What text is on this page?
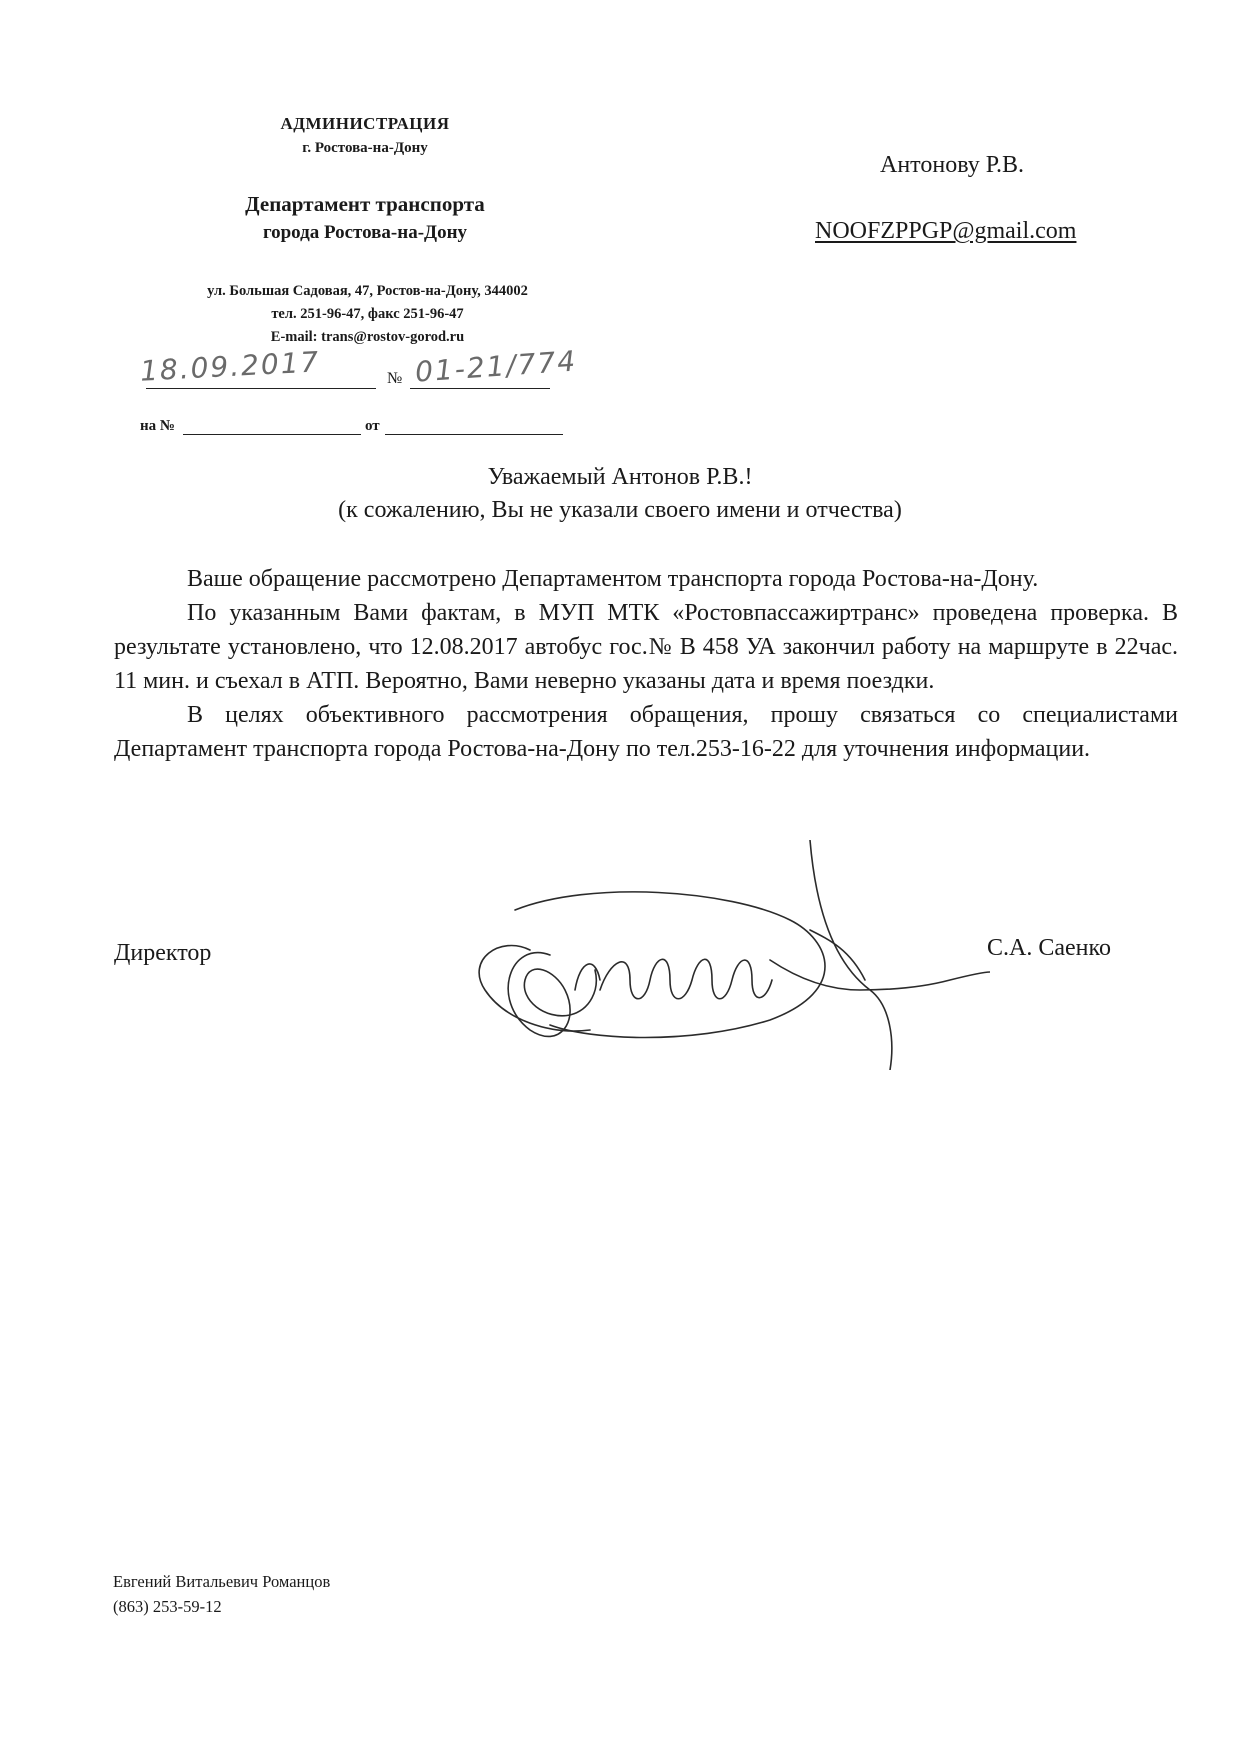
АДМИНИСТРАЦИЯ
г. Ростова-на-Дону
Департамент транспорта
города Ростова-на-Дону
ул. Большая Садовая, 47, Ростов-на-Дону, 344002
тел. 251-96-47, факс 251-96-47
E-mail: trans@rostov-gorod.ru
Антонову Р.В.
NOOFZPPGP@gmail.com
18.09.2017	№ 01-21/774
на №	от
Уважаемый Антонов Р.В.!
(к сожалению, Вы не указали своего имени и отчества)

Ваше обращение рассмотрено Департаментом транспорта города Ростова-на-Дону.

По указанным Вами фактам, в МУП МТК «Ростовпассажиртранс» проведена проверка. В результате установлено, что 12.08.2017 автобус гос.№ В 458 УА закончил работу на маршруте в 22час. 11 мин. и съехал в АТП. Вероятно, Вами неверно указаны дата и время поездки.

В целях объективного рассмотрения обращения, прошу связаться со специалистами Департамент транспорта города Ростова-на-Дону по тел.253-16-22 для уточнения информации.

Директор	С.А. Саенко
Евгений Витальевич Романцов
(863) 253-59-12
